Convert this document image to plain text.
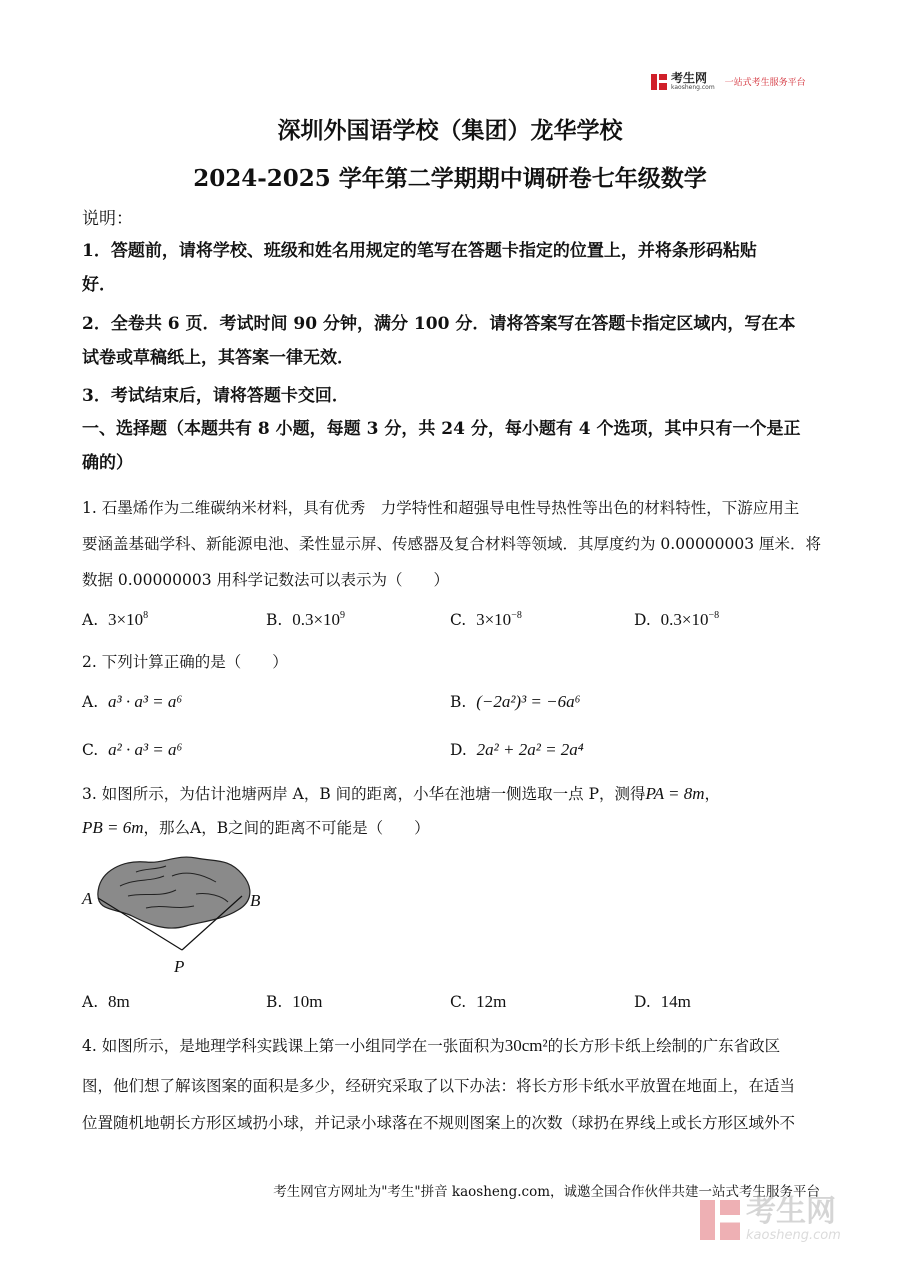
考生网
kaosheng.com 一站式考生服务平台
深圳外国语学校（集团）龙华学校
2024-2025 学年第二学期期中调研卷七年级数学
说明：
1．答题前，请将学校、班级和姓名用规定的笔写在答题卡指定的位置上，并将条形码粘贴
好．
2．全卷共 6 页．考试时间 90 分钟，满分 100 分．请将答案写在答题卡指定区域内，写在本
试卷或草稿纸上，其答案一律无效．
3．考试结束后，请将答题卡交回．
一、选择题（本题共有 8 小题，每题 3 分，共 24 分，每小题有 4 个选项，其中只有一个是正
确的）
1. 石墨烯作为二维碳纳米材料，具有优秀　力学特性和超强导电性导热性等出色的材料特性，下游应用主
要涵盖基础学科、新能源电池、柔性显示屏、传感器及复合材料等领域．其厚度约为 0.00000003 厘米．将
数据 0.00000003 用科学记数法可以表示为（　　）
A. $3\times 10^8$	B. $0.3\times 10^9$	C. $3\times 10^{-8}$	D. $0.3\times 10^{-8}$
2. 下列计算正确的是（　　）
A. a³ · a³ = a⁶	B. (−2a²)³ = −6a⁶
C. a² · a³ = a⁶	D. 2a² + 2a² = 2a⁴
3. 如图所示，为估计池塘两岸 A，B 间的距离，小华在池塘一侧选取一点 P，测得PA = 8m，
PB = 6m，那么A，B之间的距离不可能是（　　）
A	B
P
A. 8m	B. 10m	C. 12m	D. 14m
4. 如图所示，是地理学科实践课上第一小组同学在一张面积为30cm²的长方形卡纸上绘制的广东省政区
图，他们想了解该图案的面积是多少，经研究采取了以下办法：将长方形卡纸水平放置在地面上，在适当
位置随机地朝长方形区域扔小球，并记录小球落在不规则图案上的次数（球扔在界线上或长方形区域外不
考生网官方网址为"考生"拼音 kaosheng.com，诚邀全国合作伙伴共建一站式考生服务平台
考生网
kaosheng.com
